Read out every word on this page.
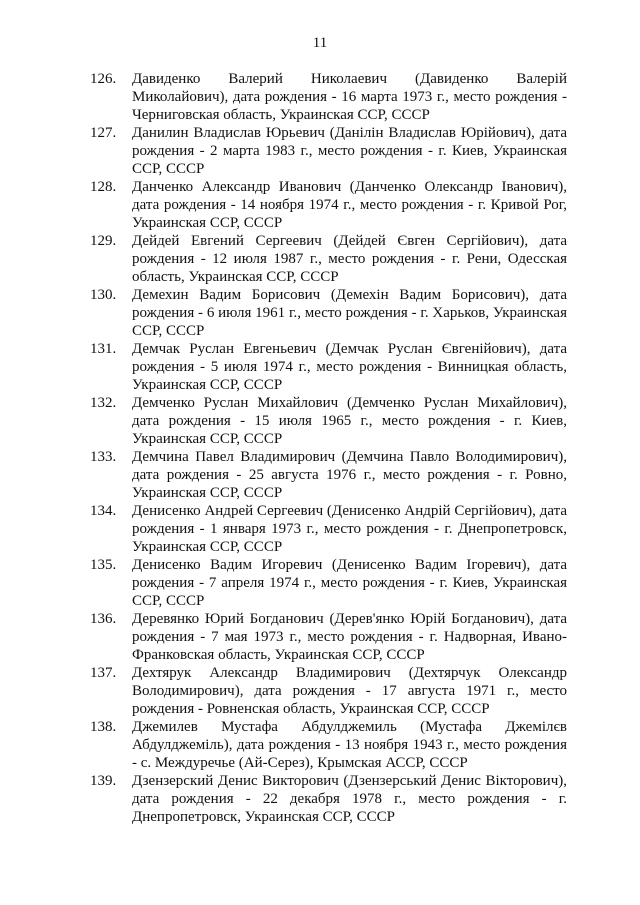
11
126.	Давиденко Валерий Николаевич (Давиденко Валерій Миколайович), дата рождения - 16 марта 1973 г., место рождения - Черниговская область, Украинская ССР, СССР
127.	Данилин Владислав Юрьевич (Данілін Владислав Юрійович), дата рождения - 2 марта 1983 г., место рождения - г. Киев, Украинская ССР, СССР
128.	Данченко Александр Иванович (Данченко Олександр Іванович), дата рождения - 14 ноября 1974 г., место рождения - г. Кривой Рог, Украинская ССР, СССР
129.	Дейдей Евгений Сергеевич (Дейдей Євген Сергійович), дата рождения - 12 июля 1987 г., место рождения - г. Рени, Одесская область, Украинская ССР, СССР
130.	Демехин Вадим Борисович (Демехін Вадим Борисович), дата рождения - 6 июля 1961 г., место рождения - г. Харьков, Украинская ССР, СССР
131.	Демчак Руслан Евгеньевич (Демчак Руслан Євгенійович), дата рождения - 5 июля 1974 г., место рождения - Винницкая область, Украинская ССР, СССР
132.	Демченко Руслан Михайлович (Демченко Руслан Михайлович), дата рождения - 15 июля 1965 г., место рождения - г. Киев, Украинская ССР, СССР
133.	Демчина Павел Владимирович (Демчина Павло Володимирович), дата рождения - 25 августа 1976 г., место рождения - г. Ровно, Украинская ССР, СССР
134.	Денисенко Андрей Сергеевич (Денисенко Андрій Сергійович), дата рождения - 1 января 1973 г., место рождения - г. Днепропетровск, Украинская ССР, СССР
135.	Денисенко Вадим Игоревич (Денисенко Вадим Ігоревич), дата рождения - 7 апреля 1974 г., место рождения - г. Киев, Украинская ССР, СССР
136.	Деревянко Юрий Богданович (Дерев'янко Юрій Богданович), дата рождения - 7 мая 1973 г., место рождения - г. Надворная, Ивано-Франковская область, Украинская ССР, СССР
137.	Дехтярук Александр Владимирович (Дехтярчук Олександр Володимирович), дата рождения - 17 августа 1971 г., место рождения - Ровненская область, Украинская ССР, СССР
138.	Джемилев Мустафа Абдулджемиль (Мустафа Джемілєв Абдулджеміль), дата рождения - 13 ноября 1943 г., место рождения - с. Междуречье (Ай-Серез), Крымская АССР, СССР
139.	Дзензерский Денис Викторович (Дзензерський Денис Вікторович), дата рождения - 22 декабря 1978 г., место рождения - г. Днепропетровск, Украинская ССР, СССР
